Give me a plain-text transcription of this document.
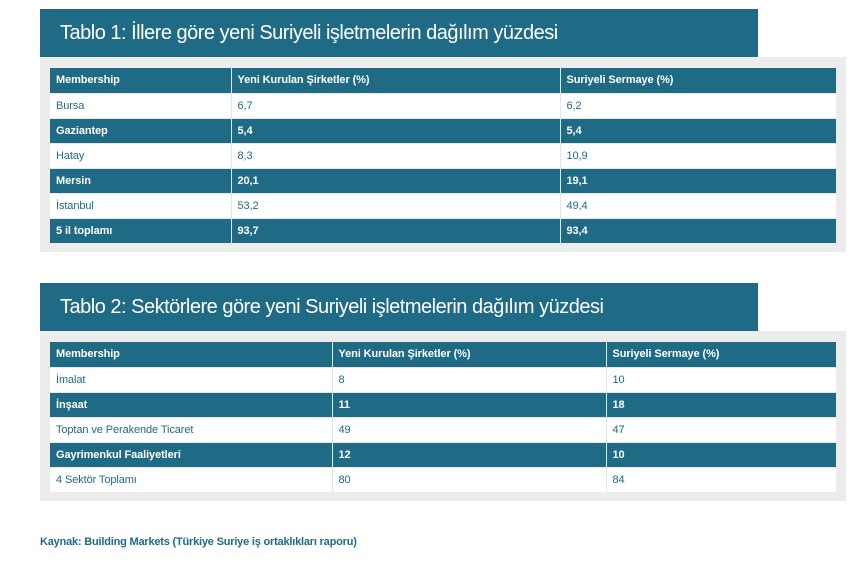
Tablo 1: İllere göre yeni Suriyeli işletmelerin dağılım yüzdesi
Membership	Yeni Kurulan Şirketler (%)	Suriyeli Sermaye (%)
Bursa	6,7	6,2
Gaziantep	5,4	5,4
Hatay	8,3	10,9
Mersin	20,1	19,1
İstanbul	53,2	49,4
5 il toplamı	93,7	93,4
Tablo 2: Sektörlere göre yeni Suriyeli işletmelerin dağılım yüzdesi
Membership	Yeni Kurulan Şirketler (%)	Suriyeli Sermaye (%)
İmalat	8	10
İnşaat	11	18
Toptan ve Perakende Ticaret	49	47
Gayrimenkul Faaliyetleri	12	10
4 Sektör Toplamı	80	84
Kaynak: Building Markets (Türkiye Suriye iş ortaklıkları raporu)
